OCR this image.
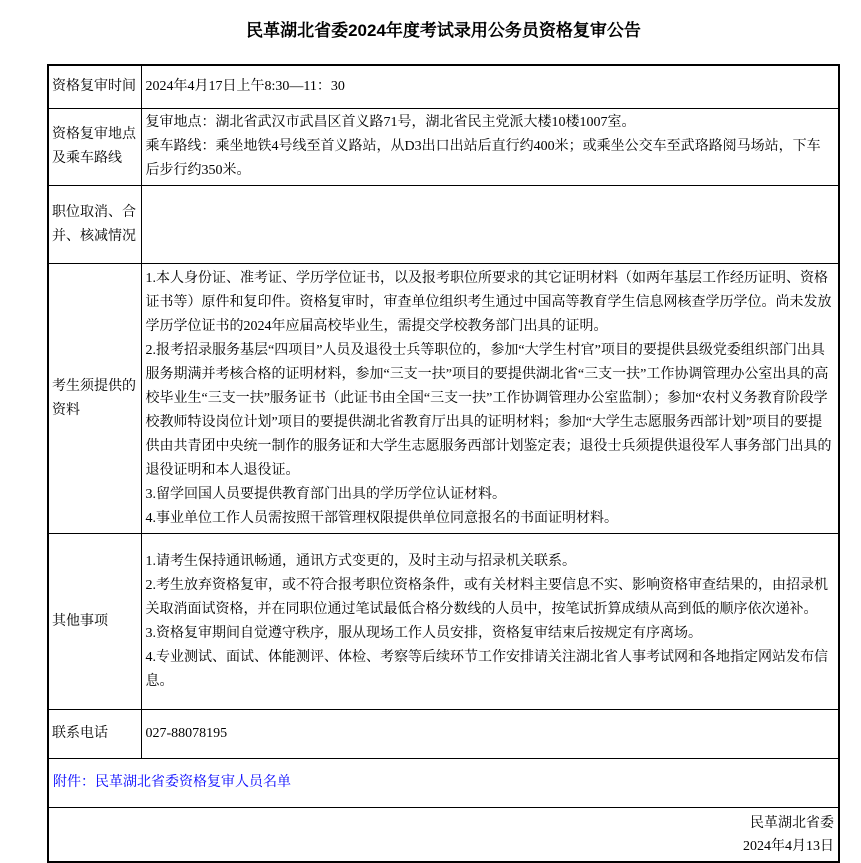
民革湖北省委2024年度考试录用公务员资格复审公告
资格复审时间	2024年4月17日上午8:30—11：30

资格复审地点及乘车路线	复审地点：湖北省武汉市武昌区首义路71号，湖北省民主党派大楼10楼1007室。

乘车路线：乘坐地铁4号线至首义路站，从D3出口出站后直行约400米；或乘坐公交车至武珞路阅马场站，下车后步行约350米。

职位取消、合并、核减情况	
考生须提供的资料	1.本人身份证、准考证、学历学位证书，以及报考职位所要求的其它证明材料（如两年基层工作经历证明、资格证书等）原件和复印件。资格复审时，审查单位组织考生通过中国高等教育学生信息网核查学历学位。尚未发放学历学位证书的2024年应届高校毕业生，需提交学校教务部门出具的证明。

2.报考招录服务基层“四项目”人员及退役士兵等职位的，参加“大学生村官”项目的要提供县级党委组织部门出具服务期满并考核合格的证明材料，参加“三支一扶”项目的要提供湖北省“三支一扶”工作协调管理办公室出具的高校毕业生“三支一扶”服务证书（此证书由全国“三支一扶”工作协调管理办公室监制）；参加“农村义务教育阶段学校教师特设岗位计划”项目的要提供湖北省教育厅出具的证明材料；参加“大学生志愿服务西部计划”项目的要提供由共青团中央统一制作的服务证和大学生志愿服务西部计划鉴定表；退役士兵须提供退役军人事务部门出具的退役证明和本人退役证。

3.留学回国人员要提供教育部门出具的学历学位认证材料。

4.事业单位工作人员需按照干部管理权限提供单位同意报名的书面证明材料。

其他事项	1.请考生保持通讯畅通，通讯方式变更的，及时主动与招录机关联系。

2.考生放弃资格复审，或不符合报考职位资格条件，或有关材料主要信息不实、影响资格审查结果的，由招录机关取消面试资格，并在同职位通过笔试最低合格分数线的人员中，按笔试折算成绩从高到低的顺序依次递补。

3.资格复审期间自觉遵守秩序，服从现场工作人员安排，资格复审结束后按规定有序离场。

4.专业测试、面试、体能测评、体检、考察等后续环节工作安排请关注湖北省人事考试网和各地指定网站发布信息。

联系电话	027-88078195

附件：民革湖北省委资格复审人员名单	

民革湖北省委
2024年4月13日	
